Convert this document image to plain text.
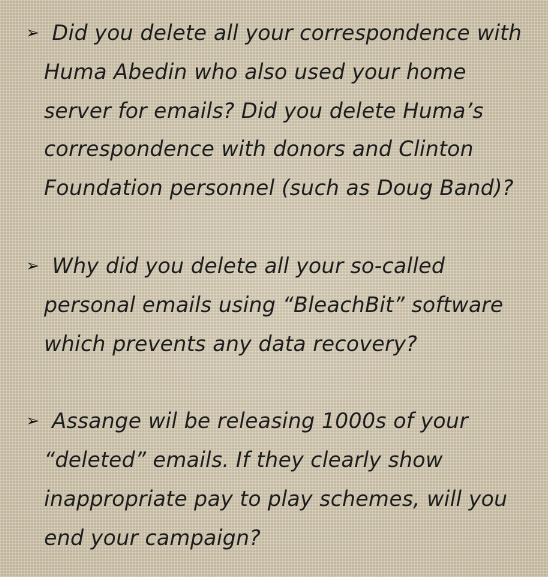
➢ Did you delete all your correspondence with Huma Abedin who also used your home server for emails? Did you delete Huma’s correspondence with donors and Clinton Foundation personnel (such as Doug Band)?
➢ Why did you delete all your so-called personal emails using “BleachBit” software which prevents any data recovery?
➢ Assange wil be releasing 1000s of your “deleted” emails. If they clearly show inappropriate pay to play schemes, will you end your campaign?
